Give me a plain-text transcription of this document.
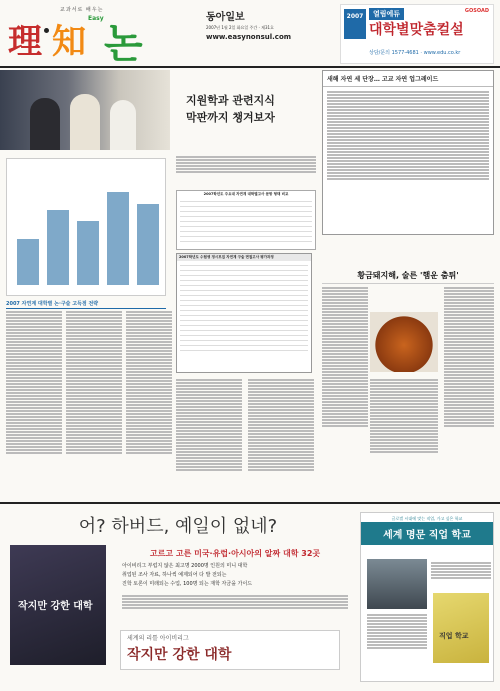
교과서로 배우는
理 知
Easy
논
동아일보
2007년 1월 2일 화요일 주간 · 제31호
www.easynonsul.com
2007	열림에듀	GOSOAD
대학별맞춤컬설
상담/문의 1577-4681 · www.edu.co.kr
지원학과 관련지식
막판까지 챙겨보자
2007학년도 주요대 자연계 대학별고사 문항 형태 비교
2007 자연계 대학별 논·구술 고득점 전략
2007학년도 수험생 정시모집 자연계 구술 면접고사 평가과정
새해 자연 세 단장… 고교 자연 업그레이드
황금돼지해, 술른 '햄운 춤튀'
어? 하버드, 예일이 없네?
작지만 강한 대학
고르고 고른 미국·유럽·아시아의 알짜 대학 32곳
아이비리그 부럽지 않은 최고명 2000명 인원의 미니 대학
취업된 조사 자료, 하나씩 예제되어 다 발 전되는
진학 토론이 미래되는 수업, 100명 되는 재학 자금을 가이드
세계의 리틀 아이비리그
작지만 강한 대학
글로벌 시대에 맞는 직업, 가고 싶은 학교
세계 명문 직업 학교
직업 학교
